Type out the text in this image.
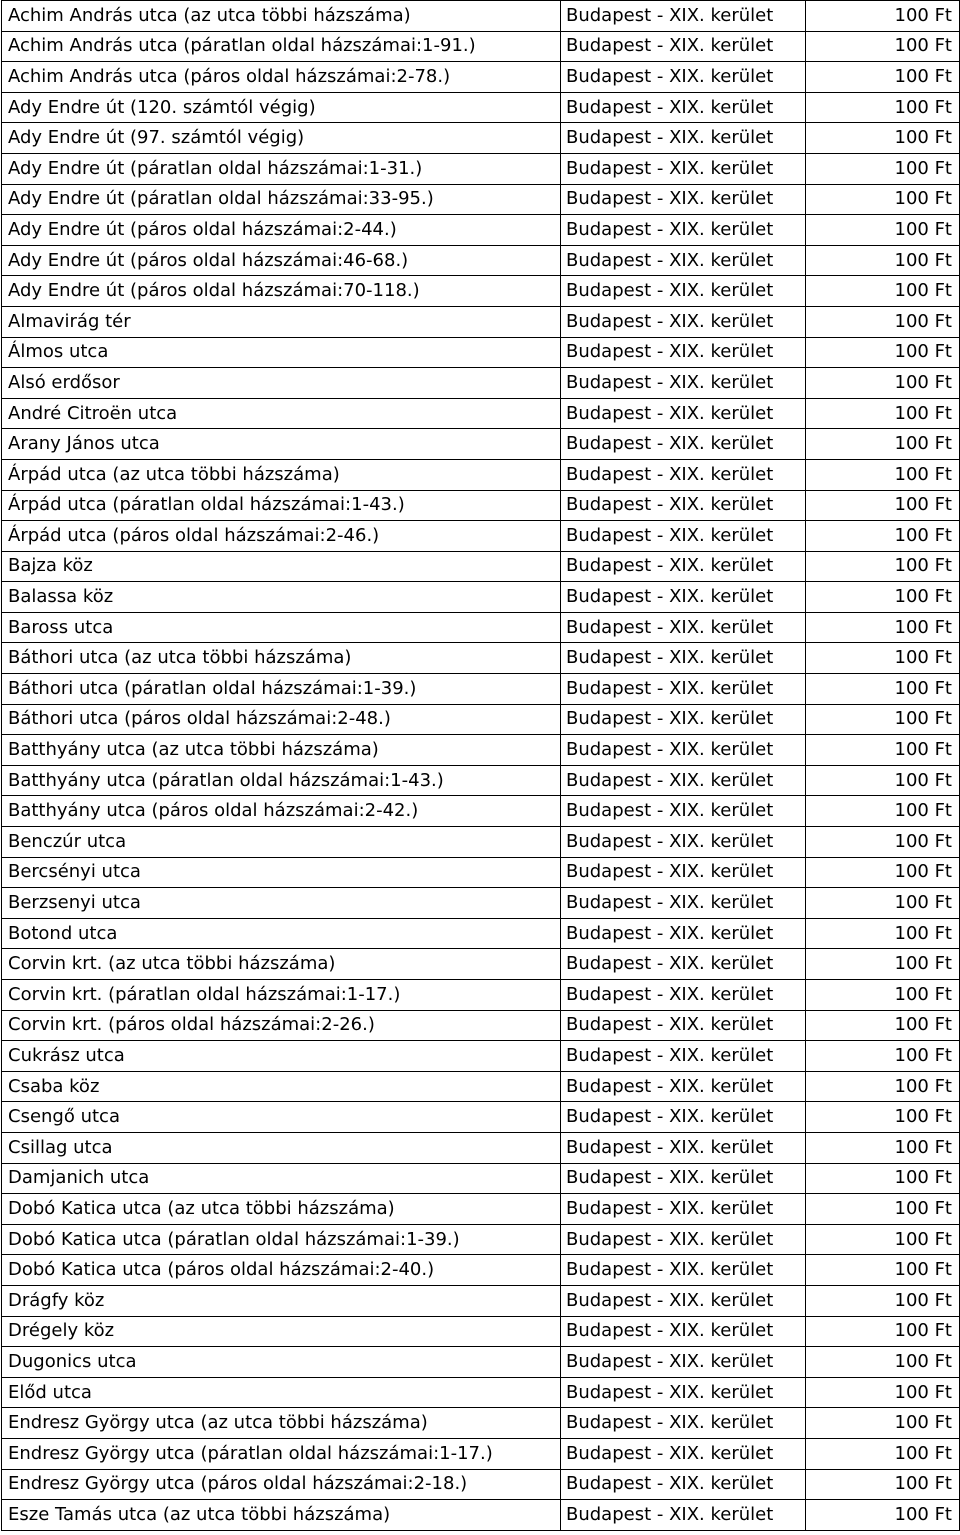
Achim András utca (az utca többi házszáma)	Budapest - XIX. kerület	100 Ft
Achim András utca (páratlan oldal házszámai:1-91.)	Budapest - XIX. kerület	100 Ft
Achim András utca (páros oldal házszámai:2-78.)	Budapest - XIX. kerület	100 Ft
Ady Endre út (120. számtól végig)	Budapest - XIX. kerület	100 Ft
Ady Endre út (97. számtól végig)	Budapest - XIX. kerület	100 Ft
Ady Endre út (páratlan oldal házszámai:1-31.)	Budapest - XIX. kerület	100 Ft
Ady Endre út (páratlan oldal házszámai:33-95.)	Budapest - XIX. kerület	100 Ft
Ady Endre út (páros oldal házszámai:2-44.)	Budapest - XIX. kerület	100 Ft
Ady Endre út (páros oldal házszámai:46-68.)	Budapest - XIX. kerület	100 Ft
Ady Endre út (páros oldal házszámai:70-118.)	Budapest - XIX. kerület	100 Ft
Almavirág tér	Budapest - XIX. kerület	100 Ft
Álmos utca	Budapest - XIX. kerület	100 Ft
Alsó erdősor	Budapest - XIX. kerület	100 Ft
André Citroën utca	Budapest - XIX. kerület	100 Ft
Arany János utca	Budapest - XIX. kerület	100 Ft
Árpád utca (az utca többi házszáma)	Budapest - XIX. kerület	100 Ft
Árpád utca (páratlan oldal házszámai:1-43.)	Budapest - XIX. kerület	100 Ft
Árpád utca (páros oldal házszámai:2-46.)	Budapest - XIX. kerület	100 Ft
Bajza köz	Budapest - XIX. kerület	100 Ft
Balassa köz	Budapest - XIX. kerület	100 Ft
Baross utca	Budapest - XIX. kerület	100 Ft
Báthori utca (az utca többi házszáma)	Budapest - XIX. kerület	100 Ft
Báthori utca (páratlan oldal házszámai:1-39.)	Budapest - XIX. kerület	100 Ft
Báthori utca (páros oldal házszámai:2-48.)	Budapest - XIX. kerület	100 Ft
Batthyány utca (az utca többi házszáma)	Budapest - XIX. kerület	100 Ft
Batthyány utca (páratlan oldal házszámai:1-43.)	Budapest - XIX. kerület	100 Ft
Batthyány utca (páros oldal házszámai:2-42.)	Budapest - XIX. kerület	100 Ft
Benczúr utca	Budapest - XIX. kerület	100 Ft
Bercsényi utca	Budapest - XIX. kerület	100 Ft
Berzsenyi utca	Budapest - XIX. kerület	100 Ft
Botond utca	Budapest - XIX. kerület	100 Ft
Corvin krt. (az utca többi házszáma)	Budapest - XIX. kerület	100 Ft
Corvin krt. (páratlan oldal házszámai:1-17.)	Budapest - XIX. kerület	100 Ft
Corvin krt. (páros oldal házszámai:2-26.)	Budapest - XIX. kerület	100 Ft
Cukrász utca	Budapest - XIX. kerület	100 Ft
Csaba köz	Budapest - XIX. kerület	100 Ft
Csengő utca	Budapest - XIX. kerület	100 Ft
Csillag utca	Budapest - XIX. kerület	100 Ft
Damjanich utca	Budapest - XIX. kerület	100 Ft
Dobó Katica utca (az utca többi házszáma)	Budapest - XIX. kerület	100 Ft
Dobó Katica utca (páratlan oldal házszámai:1-39.)	Budapest - XIX. kerület	100 Ft
Dobó Katica utca (páros oldal házszámai:2-40.)	Budapest - XIX. kerület	100 Ft
Drágfy köz	Budapest - XIX. kerület	100 Ft
Drégely köz	Budapest - XIX. kerület	100 Ft
Dugonics utca	Budapest - XIX. kerület	100 Ft
Előd utca	Budapest - XIX. kerület	100 Ft
Endresz György utca (az utca többi házszáma)	Budapest - XIX. kerület	100 Ft
Endresz György utca (páratlan oldal házszámai:1-17.)	Budapest - XIX. kerület	100 Ft
Endresz György utca (páros oldal házszámai:2-18.)	Budapest - XIX. kerület	100 Ft
Esze Tamás utca (az utca többi házszáma)	Budapest - XIX. kerület	100 Ft
